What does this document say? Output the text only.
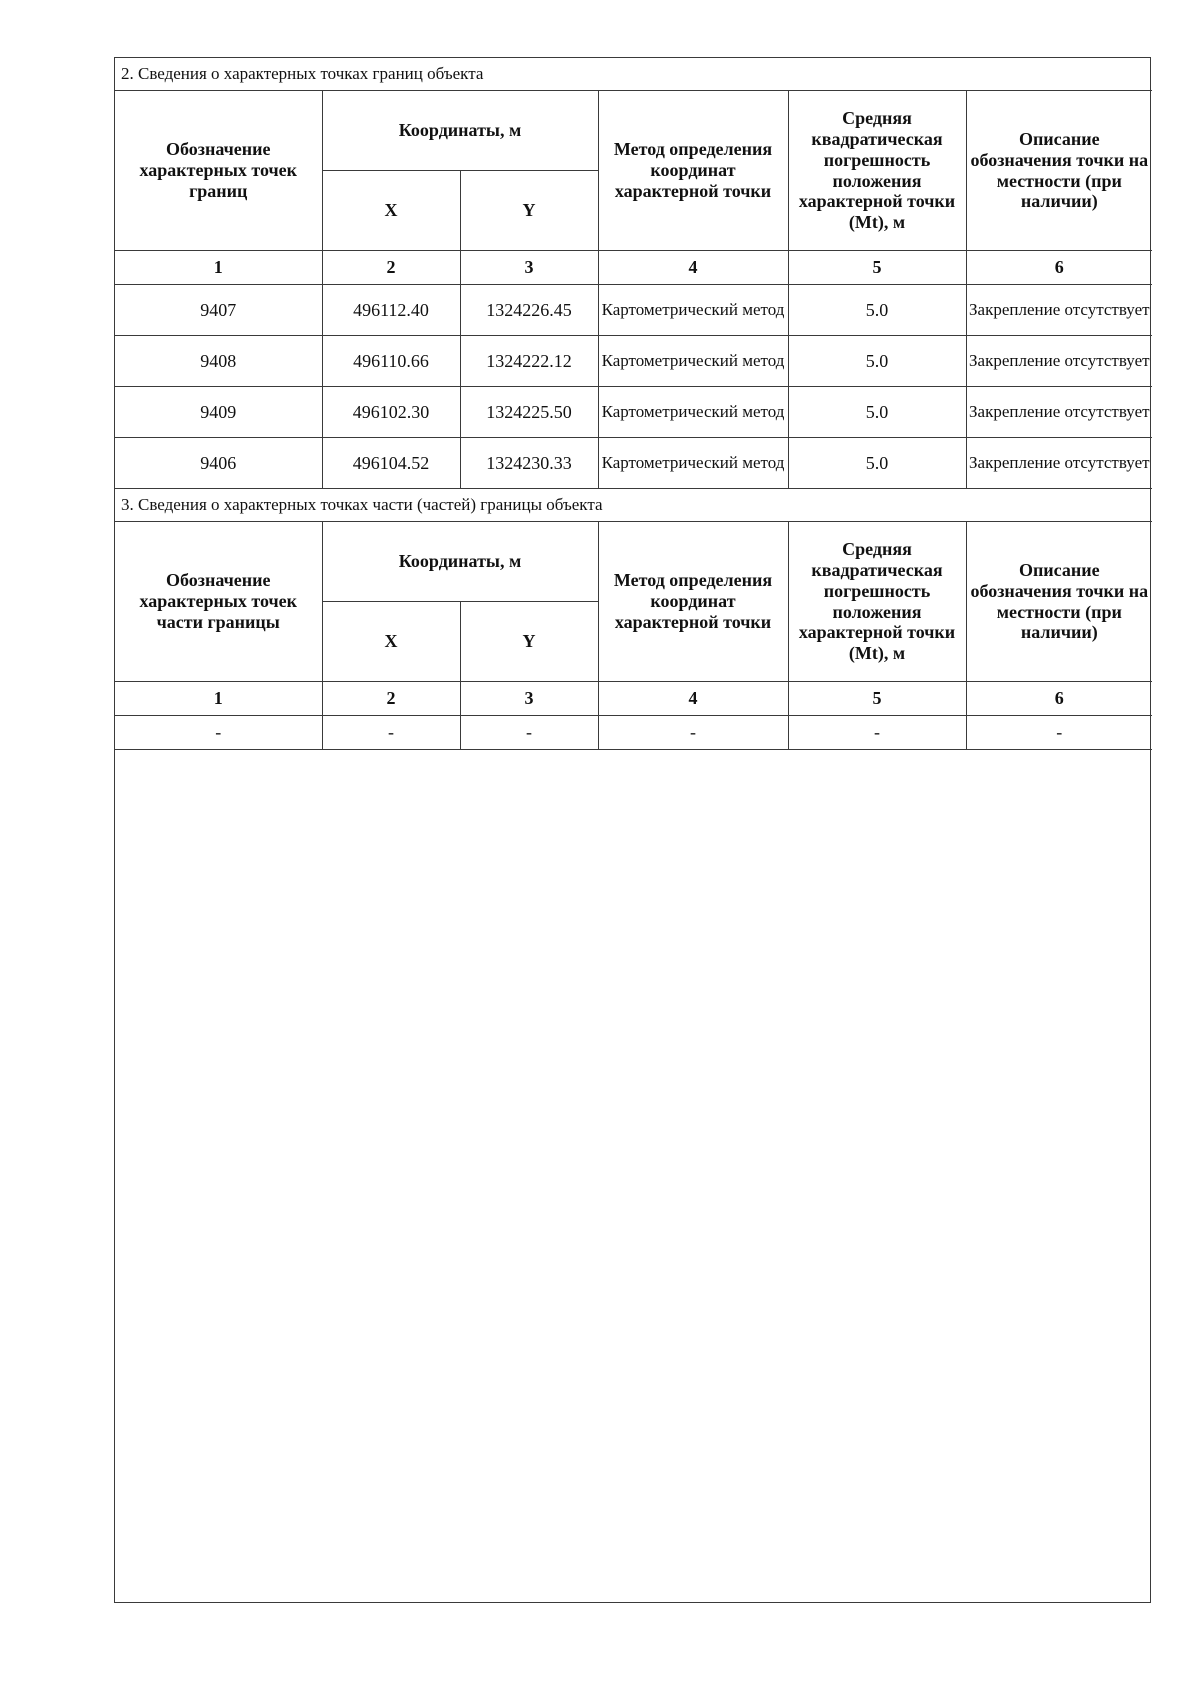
2. Сведения о характерных точках границ объекта					
Обозначение характерных точек границ	Координаты, м		Метод определения координат характерной точки	Средняя квадратическая погрешность положения характерной точки (Mt), м	Описание обозначения точки на местности (при наличии)
	X	Y			
1	2	3	4	5	6
9407	496112.40	1324226.45	Картометрический метод	5.0	Закрепление отсутствует
9408	496110.66	1324222.12	Картометрический метод	5.0	Закрепление отсутствует
9409	496102.30	1324225.50	Картометрический метод	5.0	Закрепление отсутствует
9406	496104.52	1324230.33	Картометрический метод	5.0	Закрепление отсутствует
3. Сведения о характерных точках части (частей) границы объекта					
Обозначение характерных точек части границы	Координаты, м		Метод определения координат характерной точки	Средняя квадратическая погрешность положения характерной точки (Mt), м	Описание обозначения точки на местности (при наличии)
	X	Y			
1	2	3	4	5	6
-	-	-	-	-	-
